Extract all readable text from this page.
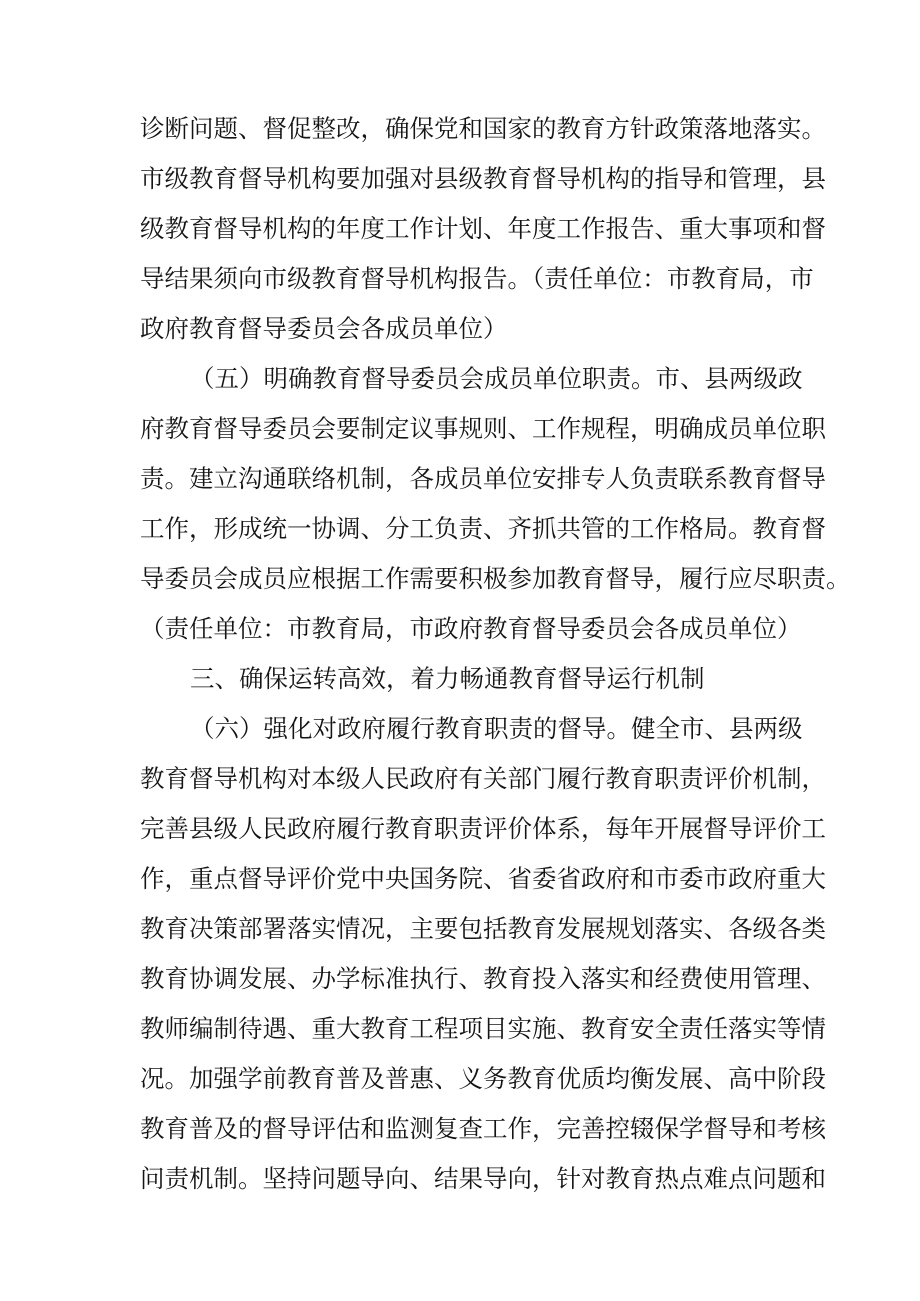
诊断问题、督促整改，确保党和国家的教育方针政策落地落实。
市级教育督导机构要加强对县级教育督导机构的指导和管理，县
级教育督导机构的年度工作计划、年度工作报告、重大事项和督
导结果须向市级教育督导机构报告。（责任单位：市教育局，市
政府教育督导委员会各成员单位）
（五）明确教育督导委员会成员单位职责。市、县两级政
府教育督导委员会要制定议事规则、工作规程，明确成员单位职
责。建立沟通联络机制，各成员单位安排专人负责联系教育督导
工作，形成统一协调、分工负责、齐抓共管的工作格局。教育督
导委员会成员应根据工作需要积极参加教育督导，履行应尽职责。
（责任单位：市教育局，市政府教育督导委员会各成员单位）
三、确保运转高效，着力畅通教育督导运行机制
（六）强化对政府履行教育职责的督导。健全市、县两级
教育督导机构对本级人民政府有关部门履行教育职责评价机制，
完善县级人民政府履行教育职责评价体系，每年开展督导评价工
作，重点督导评价党中央国务院、省委省政府和市委市政府重大
教育决策部署落实情况，主要包括教育发展规划落实、各级各类
教育协调发展、办学标准执行、教育投入落实和经费使用管理、
教师编制待遇、重大教育工程项目实施、教育安全责任落实等情
况。加强学前教育普及普惠、义务教育优质均衡发展、高中阶段
教育普及的督导评估和监测复查工作，完善控辍保学督导和考核
问责机制。坚持问题导向、结果导向，针对教育热点难点问题和
